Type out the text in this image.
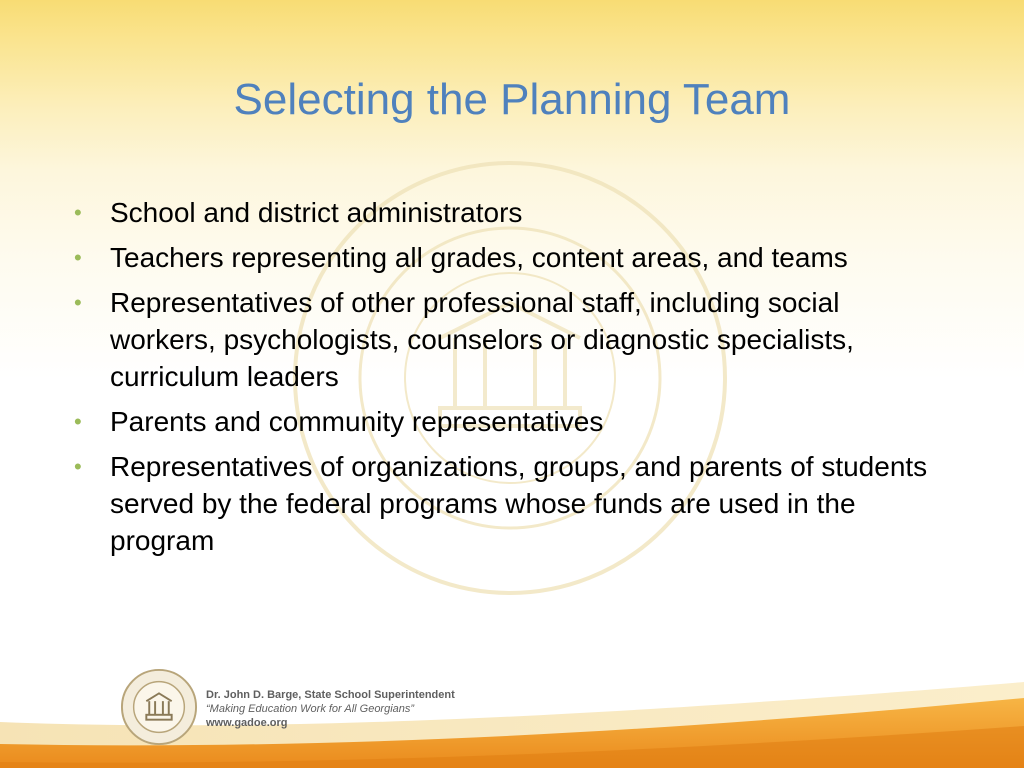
Selecting the Planning Team
• School and district administrators
• Teachers representing all grades, content areas, and teams
• Representatives of other professional staff, including social workers, psychologists, counselors or diagnostic specialists, curriculum leaders
• Parents and community representatives
• Representatives of organizations, groups, and parents of students served by the federal programs whose funds are used in the program
Dr. John D. Barge, State School Superintendent
“Making Education Work for All Georgians”
www.gadoe.org
